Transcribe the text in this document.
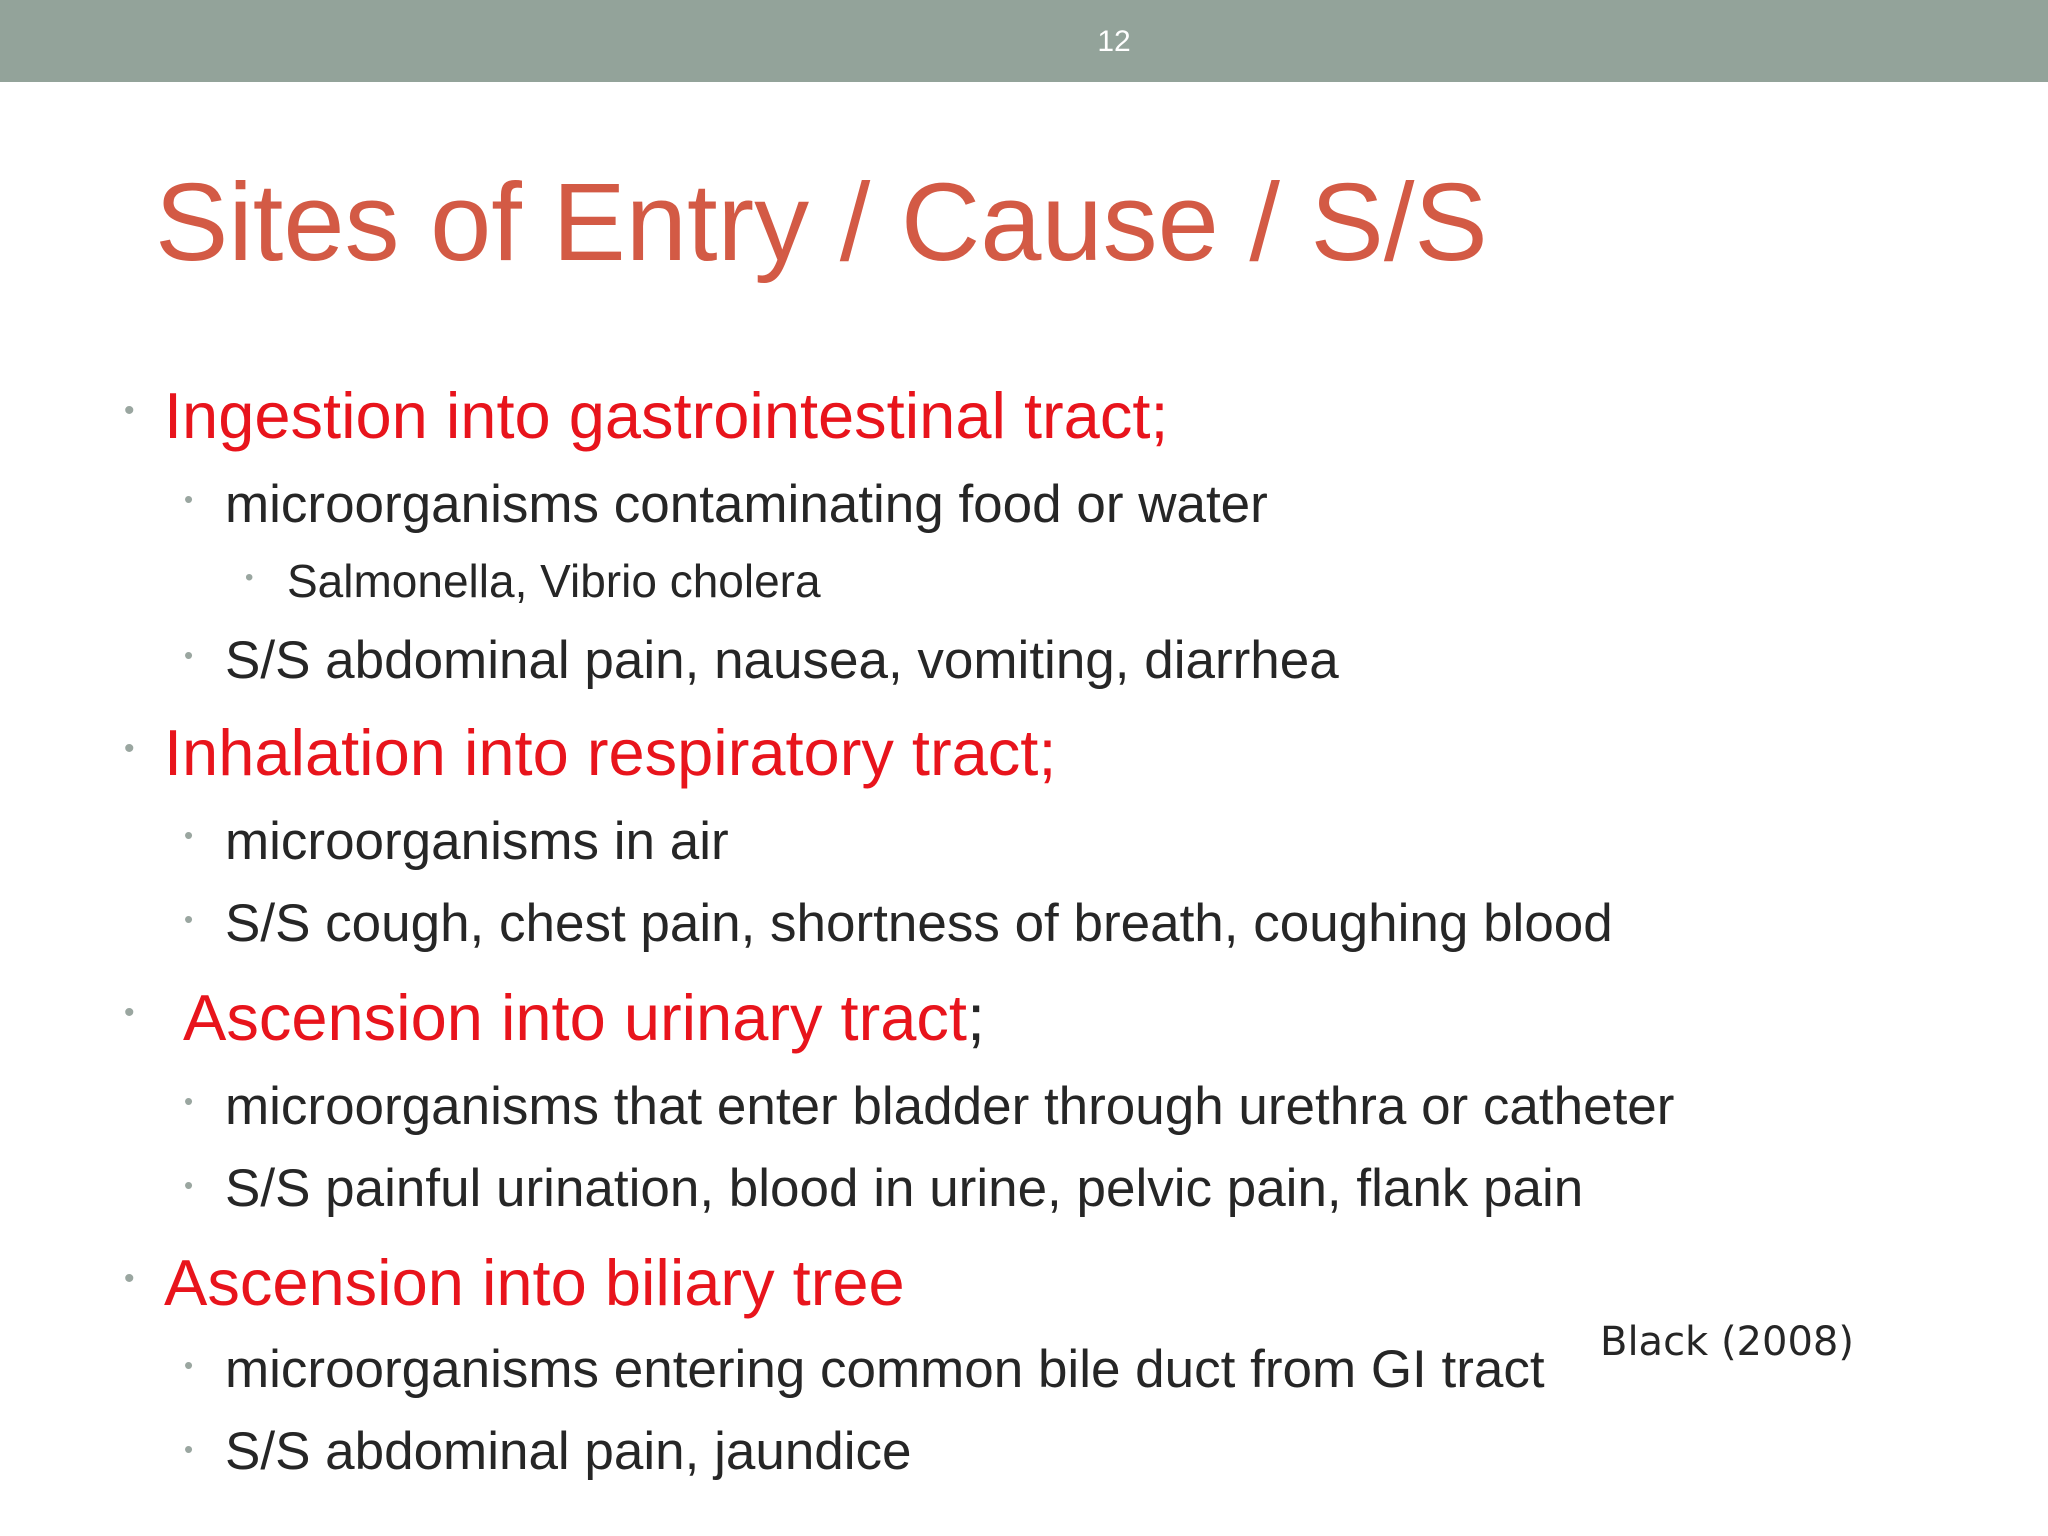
12
Sites of Entry / Cause / S/S
• Ingestion into gastrointestinal tract;
• microorganisms contaminating food or water
• Salmonella, Vibrio cholera
• S/S abdominal pain, nausea, vomiting, diarrhea
• Inhalation into respiratory tract;
• microorganisms in air
• S/S cough, chest pain, shortness of breath, coughing blood
• Ascension into urinary tract;
• microorganisms that enter bladder through urethra or catheter
• S/S painful urination, blood in urine, pelvic pain, flank pain
• Ascension into biliary tree
• microorganisms entering common bile duct from GI tract
• S/S abdominal pain, jaundice
Black (2008)
